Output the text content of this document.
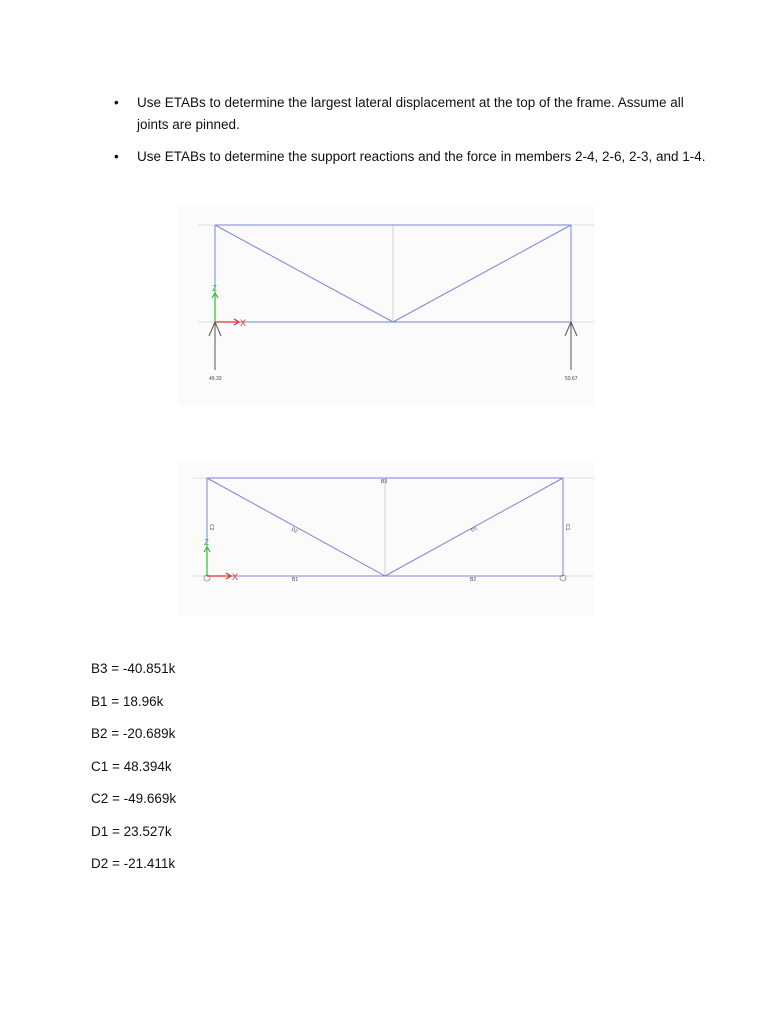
•	Use ETABs to determine the largest lateral displacement at the top of the frame. Assume all joints are pinned.
•	Use ETABs to determine the support reactions and the force in members 2-4, 2-6, 2-3, and 1-4.
Z
X
49.33	50.67
Z
X
B3
B1	B2
C1
C2	D1
D2
B3 = -40.851k
B1 = 18.96k
B2 = -20.689k
C1 = 48.394k
C2 = -49.669k
D1 = 23.527k
D2 = -21.411k
